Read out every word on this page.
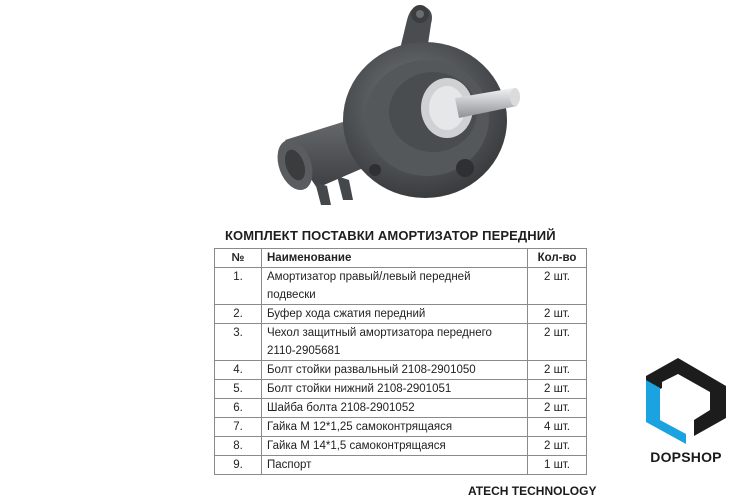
КОМПЛЕКТ ПОСТАВКИ АМОРТИЗАТОР ПЕРЕДНИЙ
№	Наименование	Кол-во
1.	Амортизатор правый/левый передней подвески	2 шт.
2.	Буфер хода сжатия передний	2 шт.
3.	Чехол защитный амортизатора переднего 2110-2905681	2 шт.
4.	Болт стойки развальный 2108-2901050	2 шт.
5.	Болт стойки нижний 2108-2901051	2 шт.
6.	Шайба болта 2108-2901052	2 шт.
7.	Гайка М 12*1,25 самоконтрящаяся	4 шт.
8.	Гайка М 14*1,5 самоконтрящаяся	2 шт.
9.	Паспорт	1 шт.	DOPSHOP
ATECH TECHNOLOGY
